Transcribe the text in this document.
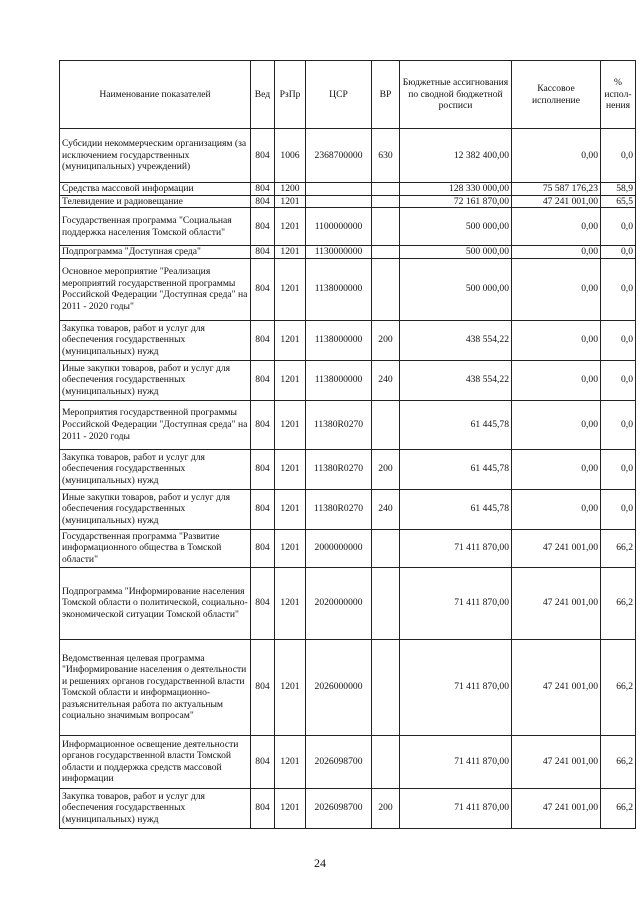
Наименование показателей	Вед	РзПр	ЦСР	ВР	Бюджетные ассигнования по сводной бюджетной росписи	Кассовое исполнение	% испол-нения
Субсидии некоммерческим организациям (за исключением государственных (муниципальных) учреждений)	804	1006	2368700000	630	12 382 400,00	0,00	0,0
Средства массовой информации	804	1200			128 330 000,00	75 587 176,23	58,9
Телевидение и радиовещание	804	1201			72 161 870,00	47 241 001,00	65,5
Государственная программа "Социальная поддержка населения Томской области"	804	1201	1100000000		500 000,00	0,00	0,0
Подпрограмма "Доступная среда"	804	1201	1130000000		500 000,00	0,00	0,0
Основное мероприятие "Реализация мероприятий государственной программы Российской Федерации "Доступная среда" на 2011 - 2020 годы"	804	1201	1138000000		500 000,00	0,00	0,0
Закупка товаров, работ и услуг для обеспечения государственных (муниципальных) нужд	804	1201	1138000000	200	438 554,22	0,00	0,0
Иные закупки товаров, работ и услуг для обеспечения государственных (муниципальных) нужд	804	1201	1138000000	240	438 554,22	0,00	0,0
Мероприятия государственной программы Российской Федерации "Доступная среда" на 2011 - 2020 годы	804	1201	11380R0270		61 445,78	0,00	0,0
Закупка товаров, работ и услуг для обеспечения государственных (муниципальных) нужд	804	1201	11380R0270	200	61 445,78	0,00	0,0
Иные закупки товаров, работ и услуг для обеспечения государственных (муниципальных) нужд	804	1201	11380R0270	240	61 445,78	0,00	0,0
Государственная программа "Развитие информационного общества в Томской области"	804	1201	2000000000		71 411 870,00	47 241 001,00	66,2
Подпрограмма "Информирование населения Томской области о политической, социально-экономической ситуации Томской области"	804	1201	2020000000		71 411 870,00	47 241 001,00	66,2
Ведомственная целевая программа "Информирование населения о деятельности и решениях органов государственной власти Томской области и информационно-разъяснительная работа по актуальным социально значимым вопросам"	804	1201	2026000000		71 411 870,00	47 241 001,00	66,2
Информационное освещение деятельности органов государственной власти Томской области и поддержка средств массовой информации	804	1201	2026098700		71 411 870,00	47 241 001,00	66,2
Закупка товаров, работ и услуг для обеспечения государственных (муниципальных) нужд	804	1201	2026098700	200	71 411 870,00	47 241 001,00	66,2
24
